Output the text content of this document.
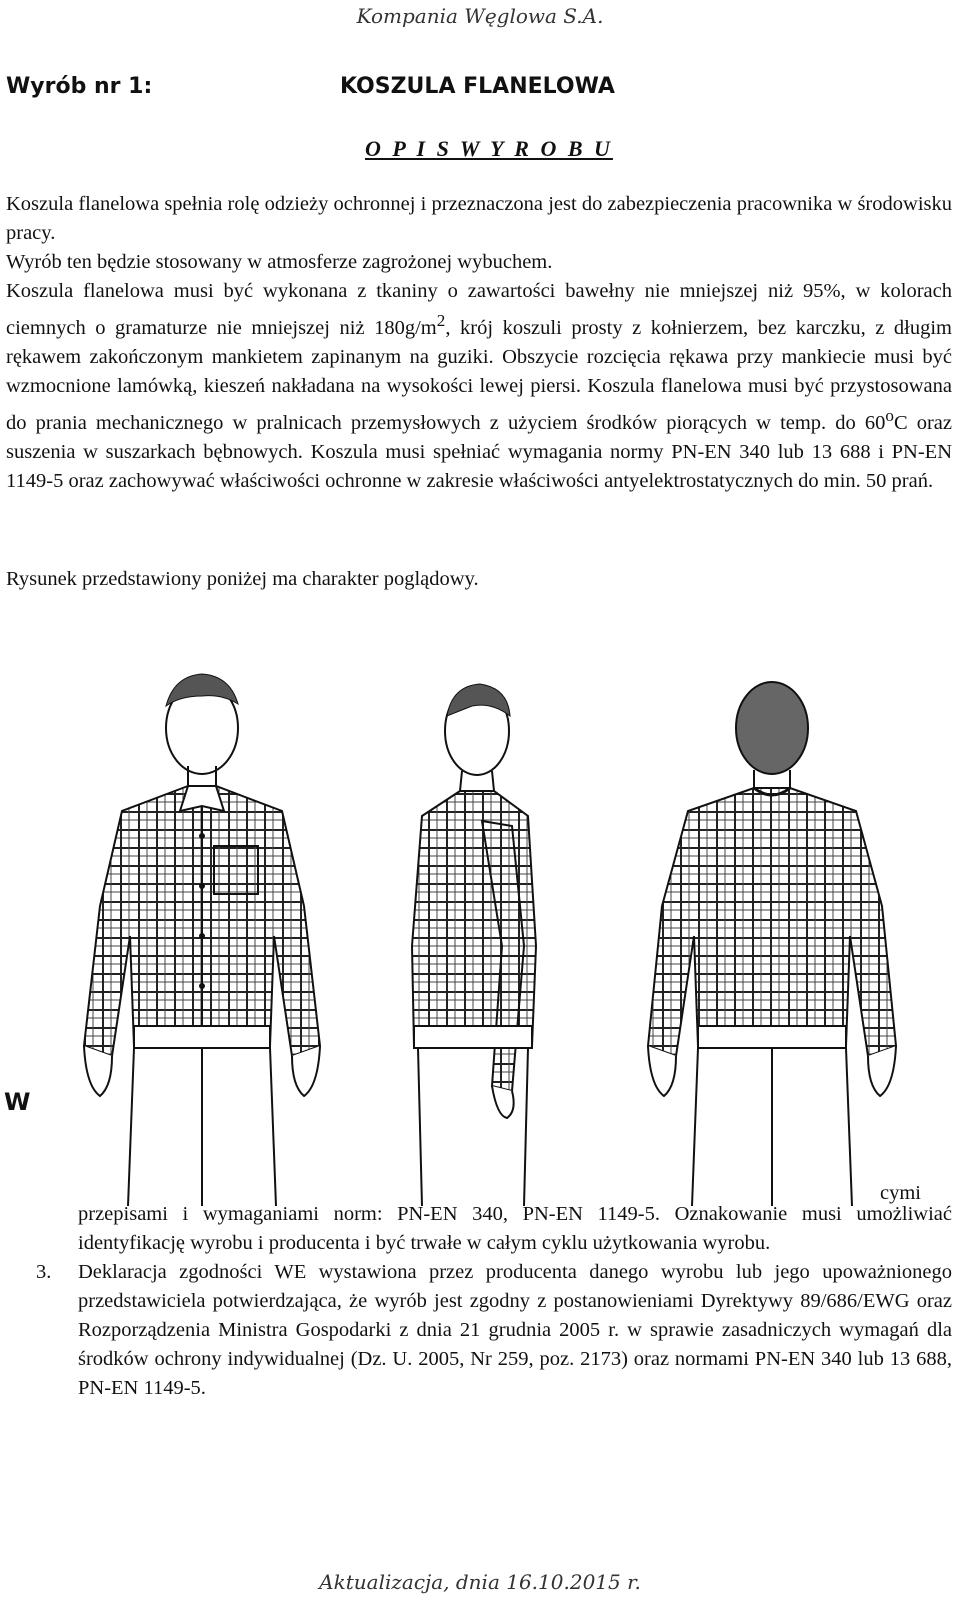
Kompania Węglowa S.A.
Wyrób nr 1:	KOSZULA FLANELOWA
O P I S W Y R O B U

Koszula flanelowa spełnia rolę odzieży ochronnej i przeznaczona jest do zabezpieczenia pracownika w środowisku pracy.

Wyrób ten będzie stosowany w atmosferze zagrożonej wybuchem.

Koszula flanelowa musi być wykonana z tkaniny o zawartości bawełny nie mniejszej niż 95%, w kolorach ciemnych o gramaturze nie mniejszej niż $180g/m^2$, krój koszuli prosty z kołnierzem, bez karczku, z długim rękawem zakończonym mankietem zapinanym na guziki. Obszycie rozcięcia rękawa przy mankiecie musi być wzmocnione lamówką, kieszeń nakładana na wysokości lewej piersi. Koszula flanelowa musi być przystosowana do prania mechanicznego w pralnicach przemysłowych z użyciem środków piorących w temp. do 60$^o$C oraz suszenia w suszarkach bębnowych. Koszula musi spełniać wymagania normy PN-EN 340 lub 13 688 i PN-EN 1149-5 oraz zachowywać właściwości ochronne w zakresie właściwości antyelektrostatycznych do min. 50 prań.

Rysunek przedstawiony poniżej ma charakter poglądowy.
W
cymi
przepisami i wymaganiami norm: PN-EN 340, PN-EN 1149-5. Oznakowanie musi umożliwiać identyfikację wyrobu i producenta i być trwałe w całym cyklu użytkowania wyrobu.
3. Deklaracja zgodności WE wystawiona przez producenta danego wyrobu lub jego upoważnionego przedstawiciela potwierdzająca, że wyrób jest zgodny z postanowieniami Dyrektywy 89/686/EWG oraz Rozporządzenia Ministra Gospodarki z dnia 21 grudnia 2005 r. w sprawie zasadniczych wymagań dla środków ochrony indywidualnej (Dz. U. 2005, Nr 259, poz. 2173) oraz normami PN-EN 340 lub 13 688, PN-EN 1149-5.
Aktualizacja, dnia 16.10.2015 r.
